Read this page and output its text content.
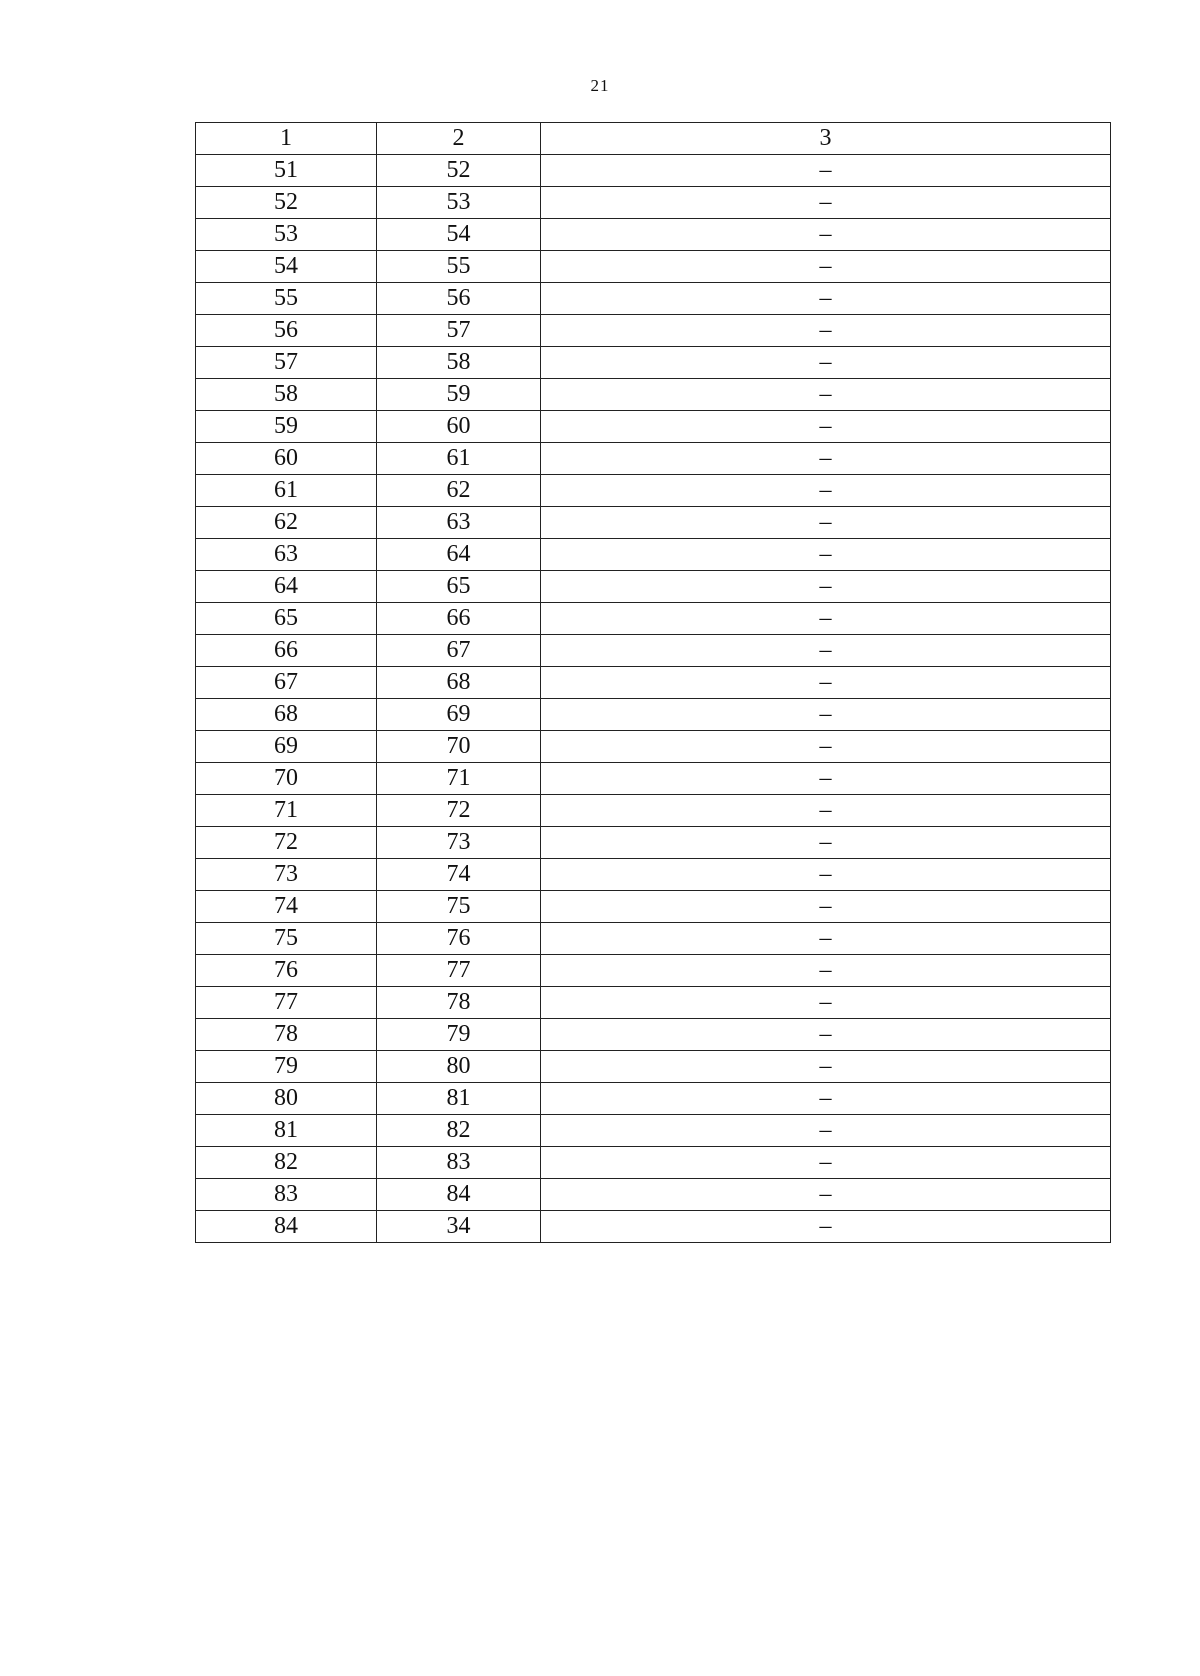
21
1	2	3
51	52	–
52	53	–
53	54	–
54	55	–
55	56	–
56	57	–
57	58	–
58	59	–
59	60	–
60	61	–
61	62	–
62	63	–
63	64	–
64	65	–
65	66	–
66	67	–
67	68	–
68	69	–
69	70	–
70	71	–
71	72	–
72	73	–
73	74	–
74	75	–
75	76	–
76	77	–
77	78	–
78	79	–
79	80	–
80	81	–
81	82	–
82	83	–
83	84	–
84	34	–
